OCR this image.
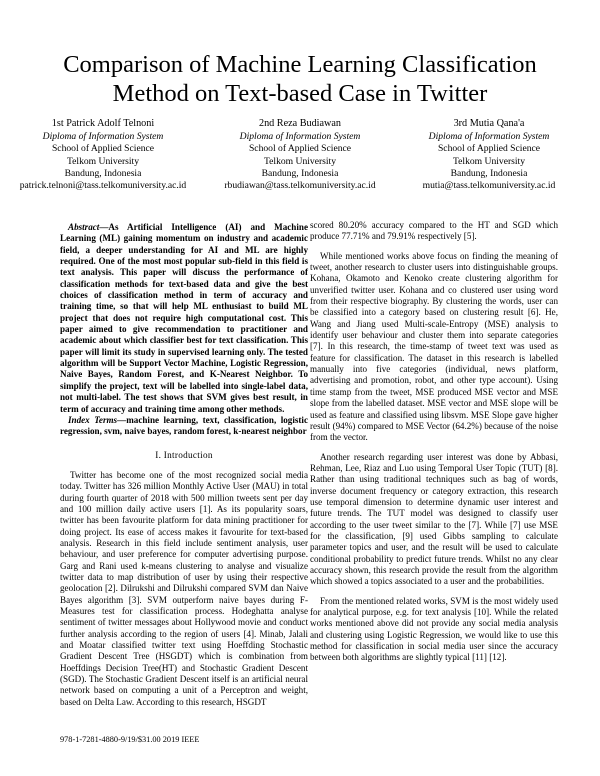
Comparison of Machine Learning Classification
Method on Text-based Case in Twitter
1st Patrick Adolf Telnoni
Diploma of Information System
School of Applied Science
Telkom University
Bandung, Indonesia
patrick.telnoni@tass.telkomuniversity.ac.id
2nd Reza Budiawan
Diploma of Information System
School of Applied Science
Telkom University
Bandung, Indonesia
rbudiawan@tass.telkomuniversity.ac.id
3rd Mutia Qana'a
Diploma of Information System
School of Applied Science
Telkom University
Bandung, Indonesia
mutia@tass.telkomuniversity.ac.id

Abstract—As Artificial Intelligence (AI) and Machine Learning (ML) gaining momentum on industry and academic field, a deeper understanding for AI and ML are highly required. One of the most most popular sub-field in this field is text analysis. This paper will discuss the performance of classification methods for text-based data and give the best choices of classification method in term of accuracy and training time, so that will help ML enthusiast to build ML project that does not require high computational cost. This paper aimed to give recommendation to practitioner and academic about which classifier best for text classification. This paper will limit its study in supervised learning only. The tested algorithm will be Support Vector Machine, Logistic Regression, Naive Bayes, Random Forest, and K-Nearest Neighbor. To simplify the project, text will be labelled into single-label data, not multi-label. The test shows that SVM gives best result, in term of accuracy and training time among other methods.

Index Terms—machine learning, text, classification, logistic regression, svm, naive bayes, random forest, k-nearest neighbor

I. Introduction

Twitter has become one of the most recognized social media today. Twitter has 326 million Monthly Active User (MAU) in total during fourth quarter of 2018 with 500 million tweets sent per day and 100 million daily active users [1]. As its popularity soars, twitter has been favourite platform for data mining practitioner for doing project. Its ease of access makes it favourite for text-based analysis. Research in this field include sentiment analysis, user behaviour, and user preference for computer advertising purpose. Garg and Rani used k-means clustering to analyse and visualize twitter data to map distribution of user by using their respective geolocation [2]. Dilrukshi and Dilrukshi compared SVM dan Naive Bayes algorithm [3]. SVM outperform naive bayes during F-Measures test for classification process. Hodeghatta analyse sentiment of twitter messages about Hollywood movie and conduct further analysis according to the region of users [4]. Minab, Jalali and Moatar classified twitter text using Hoeffding Stochastic Gradient Descent Tree (HSGDT) which is combination from Hoeffdings Decision Tree(HT) and Stochastic Gradient Descent (SGD). The Stochastic Gradient Descent itself is an artificial neural network based on computing a unit of a Perceptron and weight, based on Delta Law. According to this research, HSGDT

scored 80.20% accuracy compared to the HT and SGD which produce 77.71% and 79.91% respectively [5].

While mentioned works above focus on finding the meaning of tweet, another research to cluster users into distinguishable groups. Kohana, Okamoto and Kenoko create clustering algorithm for unverified twitter user. Kohana and co clustered user using word from their respective biography. By clustering the words, user can be classified into a category based on clustering result [6]. He, Wang and Jiang used Multi-scale-Entropy (MSE) analysis to identify user behaviour and cluster them into separate categories [7]. In this research, the time-stamp of tweet text was used as feature for classification. The dataset in this research is labelled manually into five categories (individual, news platform, advertising and promotion, robot, and other type account). Using time stamp from the tweet, MSE produced MSE vector and MSE slope from the labelled dataset. MSE vector and MSE slope will be used as feature and classified using libsvm. MSE Slope gave higher result (94%) compared to MSE Vector (64.2%) because of the noise from the vector.

Another research regarding user interest was done by Abbasi, Rehman, Lee, Riaz and Luo using Temporal User Topic (TUT) [8]. Rather than using traditional techniques such as bag of words, inverse document frequency or category extraction, this research use temporal dimension to determine dynamic user interest and future trends. The TUT model was designed to classify user according to the user tweet similar to the [7]. While [7] use MSE for the classification, [9] used Gibbs sampling to calculate parameter topics and user, and the result will be used to calculate conditional probability to predict future trends. Whilst no any clear accuracy shown, this research provide the result from the algorithm which showed a topics associated to a user and the probabilities.

From the mentioned related works, SVM is the most widely used for analytical purpose, e.g. for text analysis [10]. While the related works mentioned above did not provide any social media analysis and clustering using Logistic Regression, we would like to use this method for classification in social media user since the accuracy between both algorithms are slightly typical [11] [12].

978-1-7281-4880-9/19/$31.00 2019 IEEE
